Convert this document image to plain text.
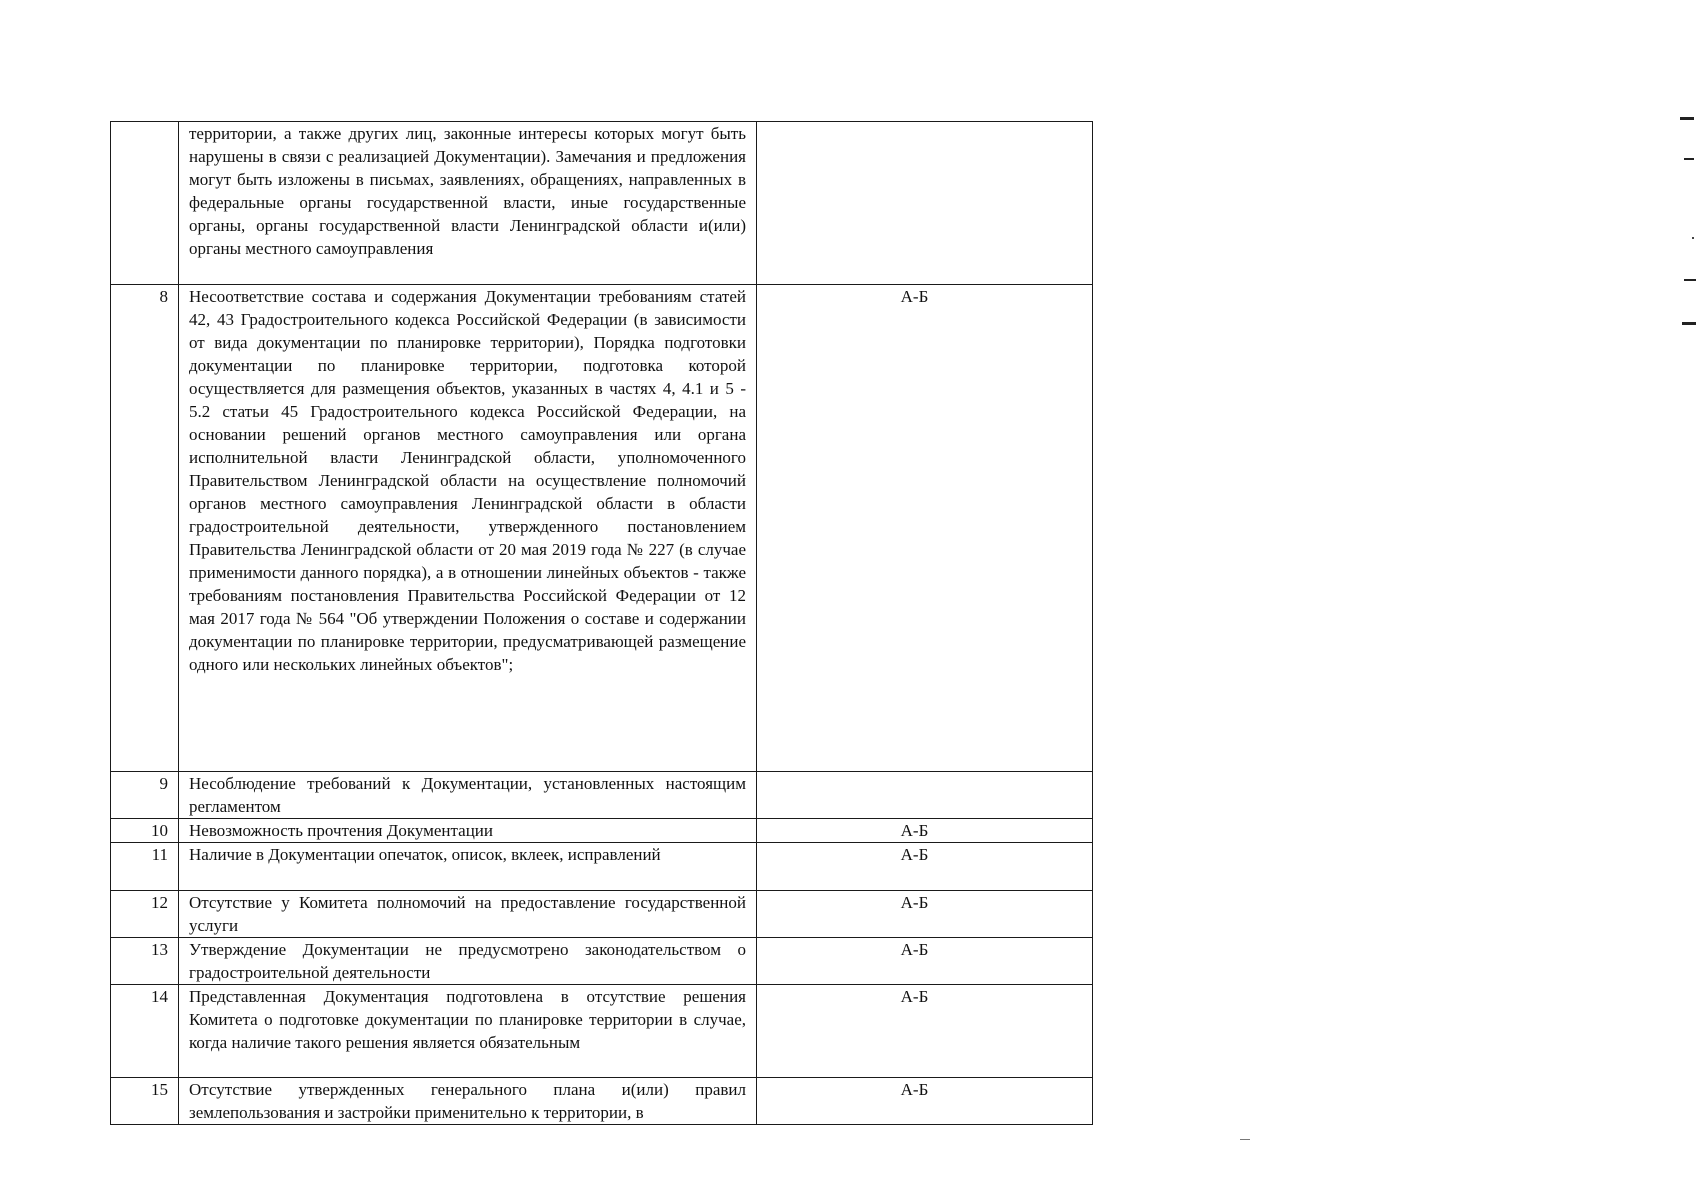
	территории, а также других лиц, законные интересы которых могут быть нарушены в связи с реализацией Документации). Замечания и предложения могут быть изложены в письмах, заявлениях, обращениях, направленных в федеральные органы государственной власти, иные государственные органы, органы государственной власти Ленинградской области и(или) органы местного самоуправления	
8	Несоответствие состава и содержания Документации требованиям статей 42, 43 Градостроительного кодекса Российской Федерации (в зависимости от вида документации по планировке территории), Порядка подготовки документации по планировке территории, подготовка которой осуществляется для размещения объектов, указанных в частях 4, 4.1 и 5 - 5.2 статьи 45 Градостроительного кодекса Российской Федерации, на основании решений органов местного самоуправления или органа исполнительной власти Ленинградской области, уполномоченного Правительством Ленинградской области на осуществление полномочий органов местного самоуправления Ленинградской области в области градостроительной деятельности, утвержденного постановлением Правительства Ленинградской области от 20 мая 2019 года № 227 (в случае применимости данного порядка), а в отношении линейных объектов - также требованиям постановления Правительства Российской Федерации от 12 мая 2017 года № 564 "Об утверждении Положения о составе и содержании документации по планировке территории, предусматривающей размещение одного или нескольких линейных объектов";	А-Б
9	Несоблюдение требований к Документации, установленных настоящим регламентом	
10	Невозможность прочтения Документации	А-Б
11	Наличие в Документации опечаток, описок, вклеек, исправлений	А-Б
12	Отсутствие у Комитета полномочий на предоставление государственной услуги	А-Б
13	Утверждение Документации не предусмотрено законодательством о градостроительной деятельности	А-Б
14	Представленная Документация подготовлена в отсутствие решения Комитета о подготовке документации по планировке территории в случае, когда наличие такого решения является обязательным	А-Б
15	Отсутствие утвержденных генерального плана и(или) правил землепользования и застройки применительно к территории, в	А-Б
